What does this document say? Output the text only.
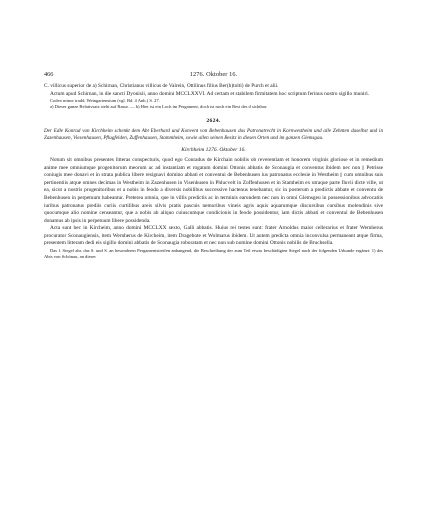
466	1276. Oktober 16.

C. villicus superior de a) Schirnan, Christianus villicus de Valrein, Ottilinus filius Ber(h)tolti) de Purch et alii.

Actum apud Schirnan, in die sancti Dyonisii, anno domini MCCLXXVI. Ad certam et stabilem firmitatem hoc scriptum ferinus nostro sigillo muniri.

Codex minor tradd. Weingartensium (vgl. Bd. 4 Anh.) S. 27.

a) Dieser ganze Relativsatz steht auf Rasur. — b) Hier ist ein Loch im Pergament, doch ist noch ein Rest des d sichtbar.

2624.

Der Edle Konrad von Kirchheim schenkt dem Abt Eberhard und Konvent von Bebenhausen das Patronatrecht in Kornwestheim und alle Zehnten daselbst und in Zazenhausen, Viesenhausen, Pflugfelden, Zuffenhausen, Stammheim, sowie allen seinen Besitz in diesen Orten und im ganzen Glemsgau.

Kirchheim 1276. Oktober 16.

Notum sit omnibus presentes litteras conspecturis, quod ego Conradus de Kirchain nobilis ob reverentiam et honorem virginis gloriose et in remedium anime mee omniumque progenitorum meorum ac ad instantiam et rogatum domini Ottonis abbatis de Sconaugia et conventus ibidem nec non || Petrisse coniugis mee donavi et in strata publica libere resignavi domino abbati et conventui de Bebenhusen ius patronatus ecclesie in Westheim || cum omnibus suis pertinentiis atque omnes decimas in Westheim in Zazenhusen in Visenhusen in Phlucvelt in Zoffenhusen et in Stamheim ex utraque parte fluvii dicte ville, ut ea, sicut a nostris progenitoribus et a nobis in feodo a diversis nobilibus successive hactenus tenebantur, sic in posterum a predictis abbate et conventu de Bebenhusen in perpetuum habeantur. Preterea omnia, que in villis predictis ac in terminis earundem nec non in omni Glemsgeu in possessionibus advocatiis iuribus patronatus prediis curiis curtilibus areis silvis pratis pascuis nemoribus vineis agris aquis aquarumque discursibus cursibus molendinis sive quocumque alio nomine censeantur, que a nobis ab aliquo cuiuscumque condicionis in feodo possidentur, iam dictis abbati et conventui de Bebenhusen donamus ab ipsis in perpetuum libere possidenda.

Acta sunt hec in Kircheim, anno domini MCCLXX sexto, Galli abbatis. Huius rei testes sunt: frater Arnoldus maior cellerarius et frater Wernherus procurator Sconaugiensis, item Wernherus de Kircheim, item Dragebote et Wolmarus ibidem. Ut autem predicta omnia inconvulsa permaneant atque firma, presentem litteram dedi eis sigillo domini abbatis de Sconaugia roboratam et nec non sub nomine domini Ottonis nobilis de Bruchsella.

Das f. Siegel abr. das S. und S. an besonderen Pergamentstreifen anhangend, die Beschreibung der zum Teil etwas beschädigten Siegel nach der folgenden Urkunde ergänzt: 1) des Abts von Schönau, an dieser
